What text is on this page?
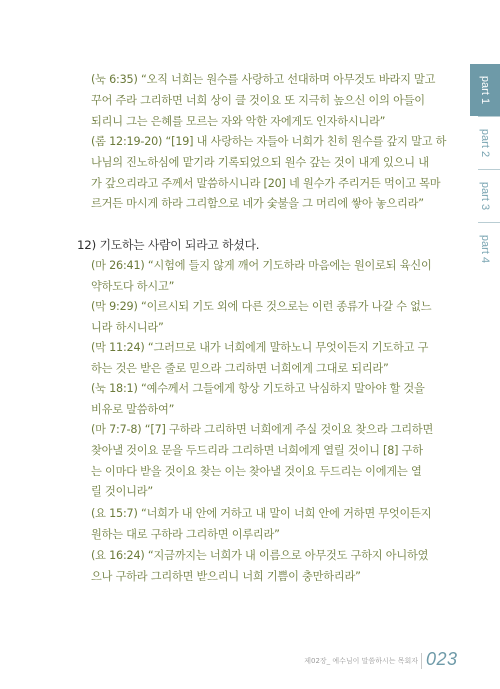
(눅 6:35) “오직 너희는 원수를 사랑하고 선대하며 아무것도 바라지 말고
꾸어 주라 그리하면 너희 상이 클 것이요 또 지극히 높으신 이의 아들이
되리니 그는 은혜를 모르는 자와 악한 자에게도 인자하시니라”
(롬 12:19-20) “[19] 내 사랑하는 자들아 너희가 친히 원수를 갚지 말고 하
나님의 진노하심에 맡기라 기록되었으되 원수 갚는 것이 내게 있으니 내
가 갚으리라고 주께서 말씀하시니라 [20] 네 원수가 주리거든 먹이고 목마
르거든 마시게 하라 그리함으로 네가 숯불을 그 머리에 쌓아 놓으리라”
12) 기도하는 사람이 되라고 하셨다.
(마 26:41) “시험에 들지 않게 깨어 기도하라 마음에는 원이로되 육신이
약하도다 하시고”
(막 9:29) “이르시되 기도 외에 다른 것으로는 이런 종류가 나갈 수 없느
니라 하시니라”
(막 11:24) “그러므로 내가 너희에게 말하노니 무엇이든지 기도하고 구
하는 것은 받은 줄로 믿으라 그리하면 너희에게 그대로 되리라”
(눅 18:1) “예수께서 그들에게 항상 기도하고 낙심하지 말아야 할 것을
비유로 말씀하여”
(마 7:7-8) “[7] 구하라 그리하면 너희에게 주실 것이요 찾으라 그리하면
찾아낼 것이요 문을 두드리라 그리하면 너희에게 열릴 것이니 [8] 구하
는 이마다 받을 것이요 찾는 이는 찾아낼 것이요 두드리는 이에게는 열
릴 것이니라”
(요 15:7) “너희가 내 안에 거하고 내 말이 너희 안에 거하면 무엇이든지
원하는 대로 구하라 그리하면 이루리라”
(요 16:24) “지금까지는 너희가 내 이름으로 아무것도 구하지 아니하였
으나 구하라 그리하면 받으리니 너희 기쁨이 충만하리라”
part 1
part 2
part 3
part 4
제02장_ 예수님이 말씀하시는 목회자 023
